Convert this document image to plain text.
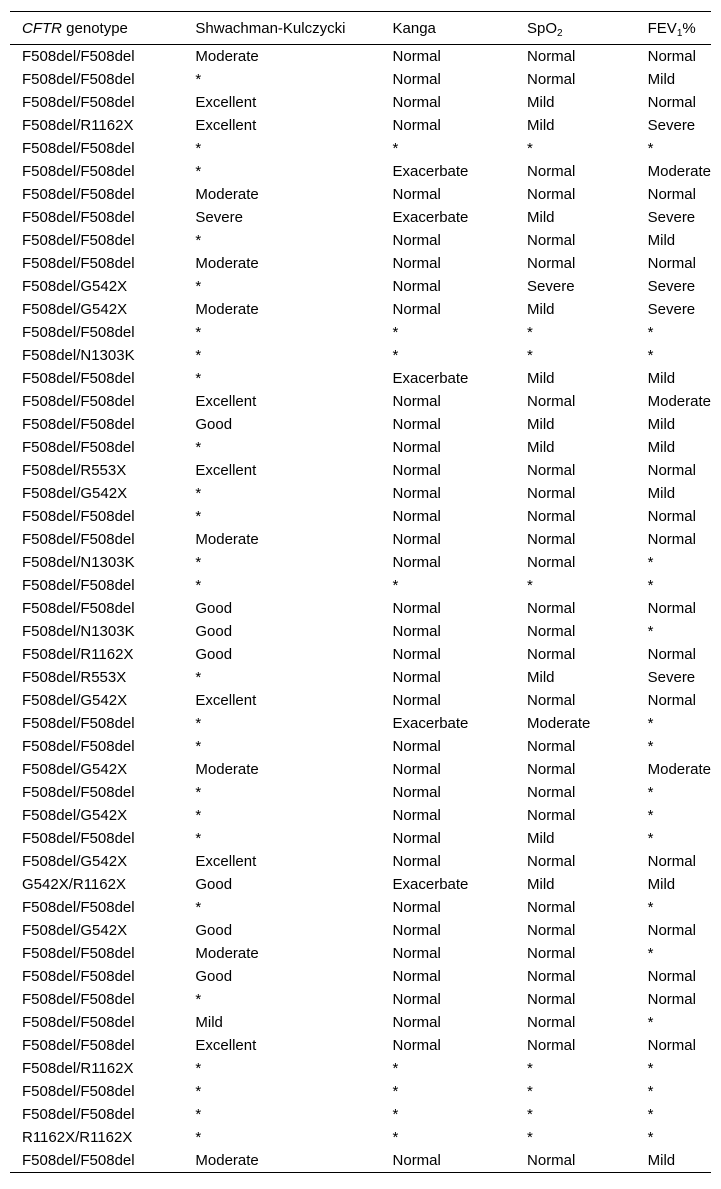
CFTR genotype	Shwachman-Kulczycki	Kanga	SpO$_2$	$FEV_1\%$
F508del/F508del	Moderate	Normal	Normal	Normal
F508del/F508del	*	Normal	Normal	Mild
F508del/F508del	Excellent	Normal	Mild	Normal
F508del/R1162X	Excellent	Normal	Mild	Severe
F508del/F508del	*	*	*	*
F508del/F508del	*	Exacerbate	Normal	Moderate
F508del/F508del	Moderate	Normal	Normal	Normal
F508del/F508del	Severe	Exacerbate	Mild	Severe
F508del/F508del	*	Normal	Normal	Mild
F508del/F508del	Moderate	Normal	Normal	Normal
F508del/G542X	*	Normal	Severe	Severe
F508del/G542X	Moderate	Normal	Mild	Severe
F508del/F508del	*	*	*	*
F508del/N1303K	*	*	*	*
F508del/F508del	*	Exacerbate	Mild	Mild
F508del/F508del	Excellent	Normal	Normal	Moderate
F508del/F508del	Good	Normal	Mild	Mild
F508del/F508del	*	Normal	Mild	Mild
F508del/R553X	Excellent	Normal	Normal	Normal
F508del/G542X	*	Normal	Normal	Mild
F508del/F508del	*	Normal	Normal	Normal
F508del/F508del	Moderate	Normal	Normal	Normal
F508del/N1303K	*	Normal	Normal	*
F508del/F508del	*	*	*	*
F508del/F508del	Good	Normal	Normal	Normal
F508del/N1303K	Good	Normal	Normal	*
F508del/R1162X	Good	Normal	Normal	Normal
F508del/R553X	*	Normal	Mild	Severe
F508del/G542X	Excellent	Normal	Normal	Normal
F508del/F508del	*	Exacerbate	Moderate	*
F508del/F508del	*	Normal	Normal	*
F508del/G542X	Moderate	Normal	Normal	Moderate
F508del/F508del	*	Normal	Normal	*
F508del/G542X	*	Normal	Normal	*
F508del/F508del	*	Normal	Mild	*
F508del/G542X	Excellent	Normal	Normal	Normal
G542X/R1162X	Good	Exacerbate	Mild	Mild
F508del/F508del	*	Normal	Normal	*
F508del/G542X	Good	Normal	Normal	Normal
F508del/F508del	Moderate	Normal	Normal	*
F508del/F508del	Good	Normal	Normal	Normal
F508del/F508del	*	Normal	Normal	Normal
F508del/F508del	Mild	Normal	Normal	*
F508del/F508del	Excellent	Normal	Normal	Normal
F508del/R1162X	*	*	*	*
F508del/F508del	*	*	*	*
F508del/F508del	*	*	*	*
R1162X/R1162X	*	*	*	*
F508del/F508del	Moderate	Normal	Normal	Mild
